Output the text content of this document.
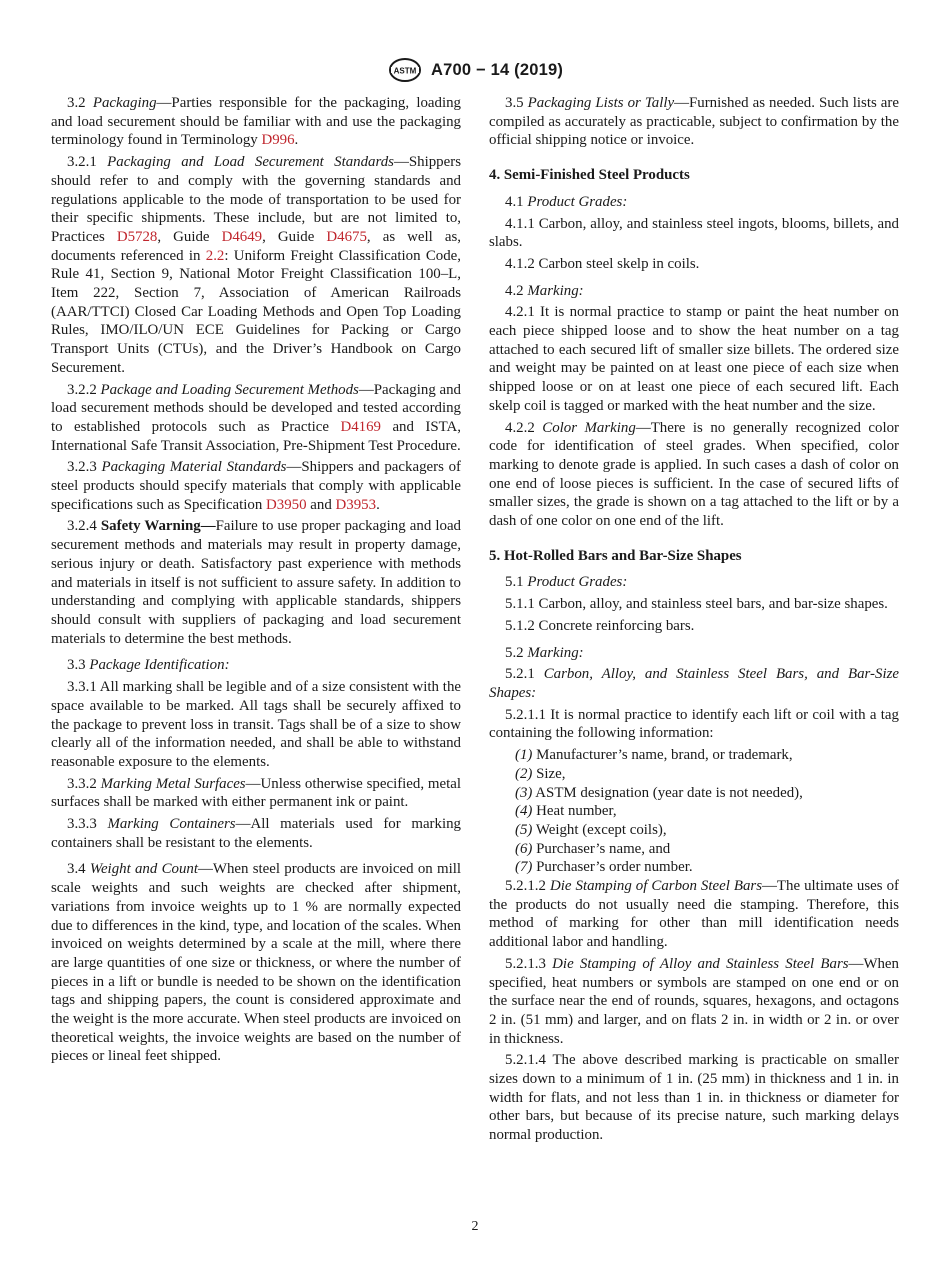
ASTM A700 − 14 (2019)

3.2 Packaging—Parties responsible for the packaging, loading and load securement should be familiar with and use the packaging terminology found in Terminology D996.

3.2.1 Packaging and Load Securement Standards—Shippers should refer to and comply with the governing standards and regulations applicable to the mode of transportation to be used for their specific shipments. These include, but are not limited to, Practices D5728, Guide D4649, Guide D4675, as well as, documents referenced in 2.2: Uniform Freight Classification Code, Rule 41, Section 9, National Motor Freight Classification 100–L, Item 222, Section 7, Association of American Railroads (AAR/TTCI) Closed Car Loading Methods and Open Top Loading Rules, IMO/ILO/UN ECE Guidelines for Packing or Cargo Transport Units (CTUs), and the Driver’s Handbook on Cargo Securement.

3.2.2 Package and Loading Securement Methods—Packaging and load securement methods should be developed and tested according to established protocols such as Practice D4169 and ISTA, International Safe Transit Association, Pre-Shipment Test Procedure.

3.2.3 Packaging Material Standards—Shippers and packagers of steel products should specify materials that comply with applicable specifications such as Specification D3950 and D3953.

3.2.4 Safety Warning—Failure to use proper packaging and load securement methods and materials may result in property damage, serious injury or death. Satisfactory past experience with methods and materials in itself is not sufficient to assure safety. In addition to understanding and complying with applicable standards, shippers should consult with suppliers of packaging and load securement materials to determine the best methods.

3.3 Package Identification:

3.3.1 All marking shall be legible and of a size consistent with the space available to be marked. All tags shall be securely affixed to the package to prevent loss in transit. Tags shall be of a size to show clearly all of the information needed, and shall be able to withstand reasonable exposure to the elements.

3.3.2 Marking Metal Surfaces—Unless otherwise specified, metal surfaces shall be marked with either permanent ink or paint.

3.3.3 Marking Containers—All materials used for marking containers shall be resistant to the elements.

3.4 Weight and Count—When steel products are invoiced on mill scale weights and such weights are checked after shipment, variations from invoice weights up to 1 % are normally expected due to differences in the kind, type, and location of the scales. When invoiced on weights determined by a scale at the mill, where there are large quantities of one size or thickness, or where the number of pieces in a lift or bundle is needed to be shown on the identification tags and shipping papers, the count is considered approximate and the weight is the more accurate. When steel products are invoiced on theoretical weights, the invoice weights are based on the number of pieces or lineal feet shipped.

3.5 Packaging Lists or Tally—Furnished as needed. Such lists are compiled as accurately as practicable, subject to confirmation by the official shipping notice or invoice.

4. Semi-Finished Steel Products

4.1 Product Grades:

4.1.1 Carbon, alloy, and stainless steel ingots, blooms, billets, and slabs.

4.1.2 Carbon steel skelp in coils.

4.2 Marking:

4.2.1 It is normal practice to stamp or paint the heat number on each piece shipped loose and to show the heat number on a tag attached to each secured lift of smaller size billets. The ordered size and weight may be painted on at least one piece of each size when shipped loose or on at least one piece of each secured lift. Each skelp coil is tagged or marked with the heat number and the size.

4.2.2 Color Marking—There is no generally recognized color code for identification of steel grades. When specified, color marking to denote grade is applied. In such cases a dash of color on one end of loose pieces is sufficient. In the case of secured lifts of smaller sizes, the grade is shown on a tag attached to the lift or by a dash of one color on one end of the lift.

5. Hot-Rolled Bars and Bar-Size Shapes

5.1 Product Grades:

5.1.1 Carbon, alloy, and stainless steel bars, and bar-size shapes.

5.1.2 Concrete reinforcing bars.

5.2 Marking:

5.2.1 Carbon, Alloy, and Stainless Steel Bars, and Bar-Size Shapes:

5.2.1.1 It is normal practice to identify each lift or coil with a tag containing the following information:

(1) Manufacturer’s name, brand, or trademark,

(2) Size,

(3) ASTM designation (year date is not needed),

(4) Heat number,

(5) Weight (except coils),

(6) Purchaser’s name, and

(7) Purchaser’s order number.

5.2.1.2 Die Stamping of Carbon Steel Bars—The ultimate uses of the products do not usually need die stamping. Therefore, this method of marking for other than mill identification needs additional labor and handling.

5.2.1.3 Die Stamping of Alloy and Stainless Steel Bars—When specified, heat numbers or symbols are stamped on one end or on the surface near the end of rounds, squares, hexagons, and octagons 2 in. (51 mm) and larger, and on flats 2 in. in width or 2 in. or over in thickness.

5.2.1.4 The above described marking is practicable on smaller sizes down to a minimum of 1 in. (25 mm) in thickness and 1 in. in width for flats, and not less than 1 in. in thickness or diameter for other bars, but because of its precise nature, such marking delays normal production.

2
